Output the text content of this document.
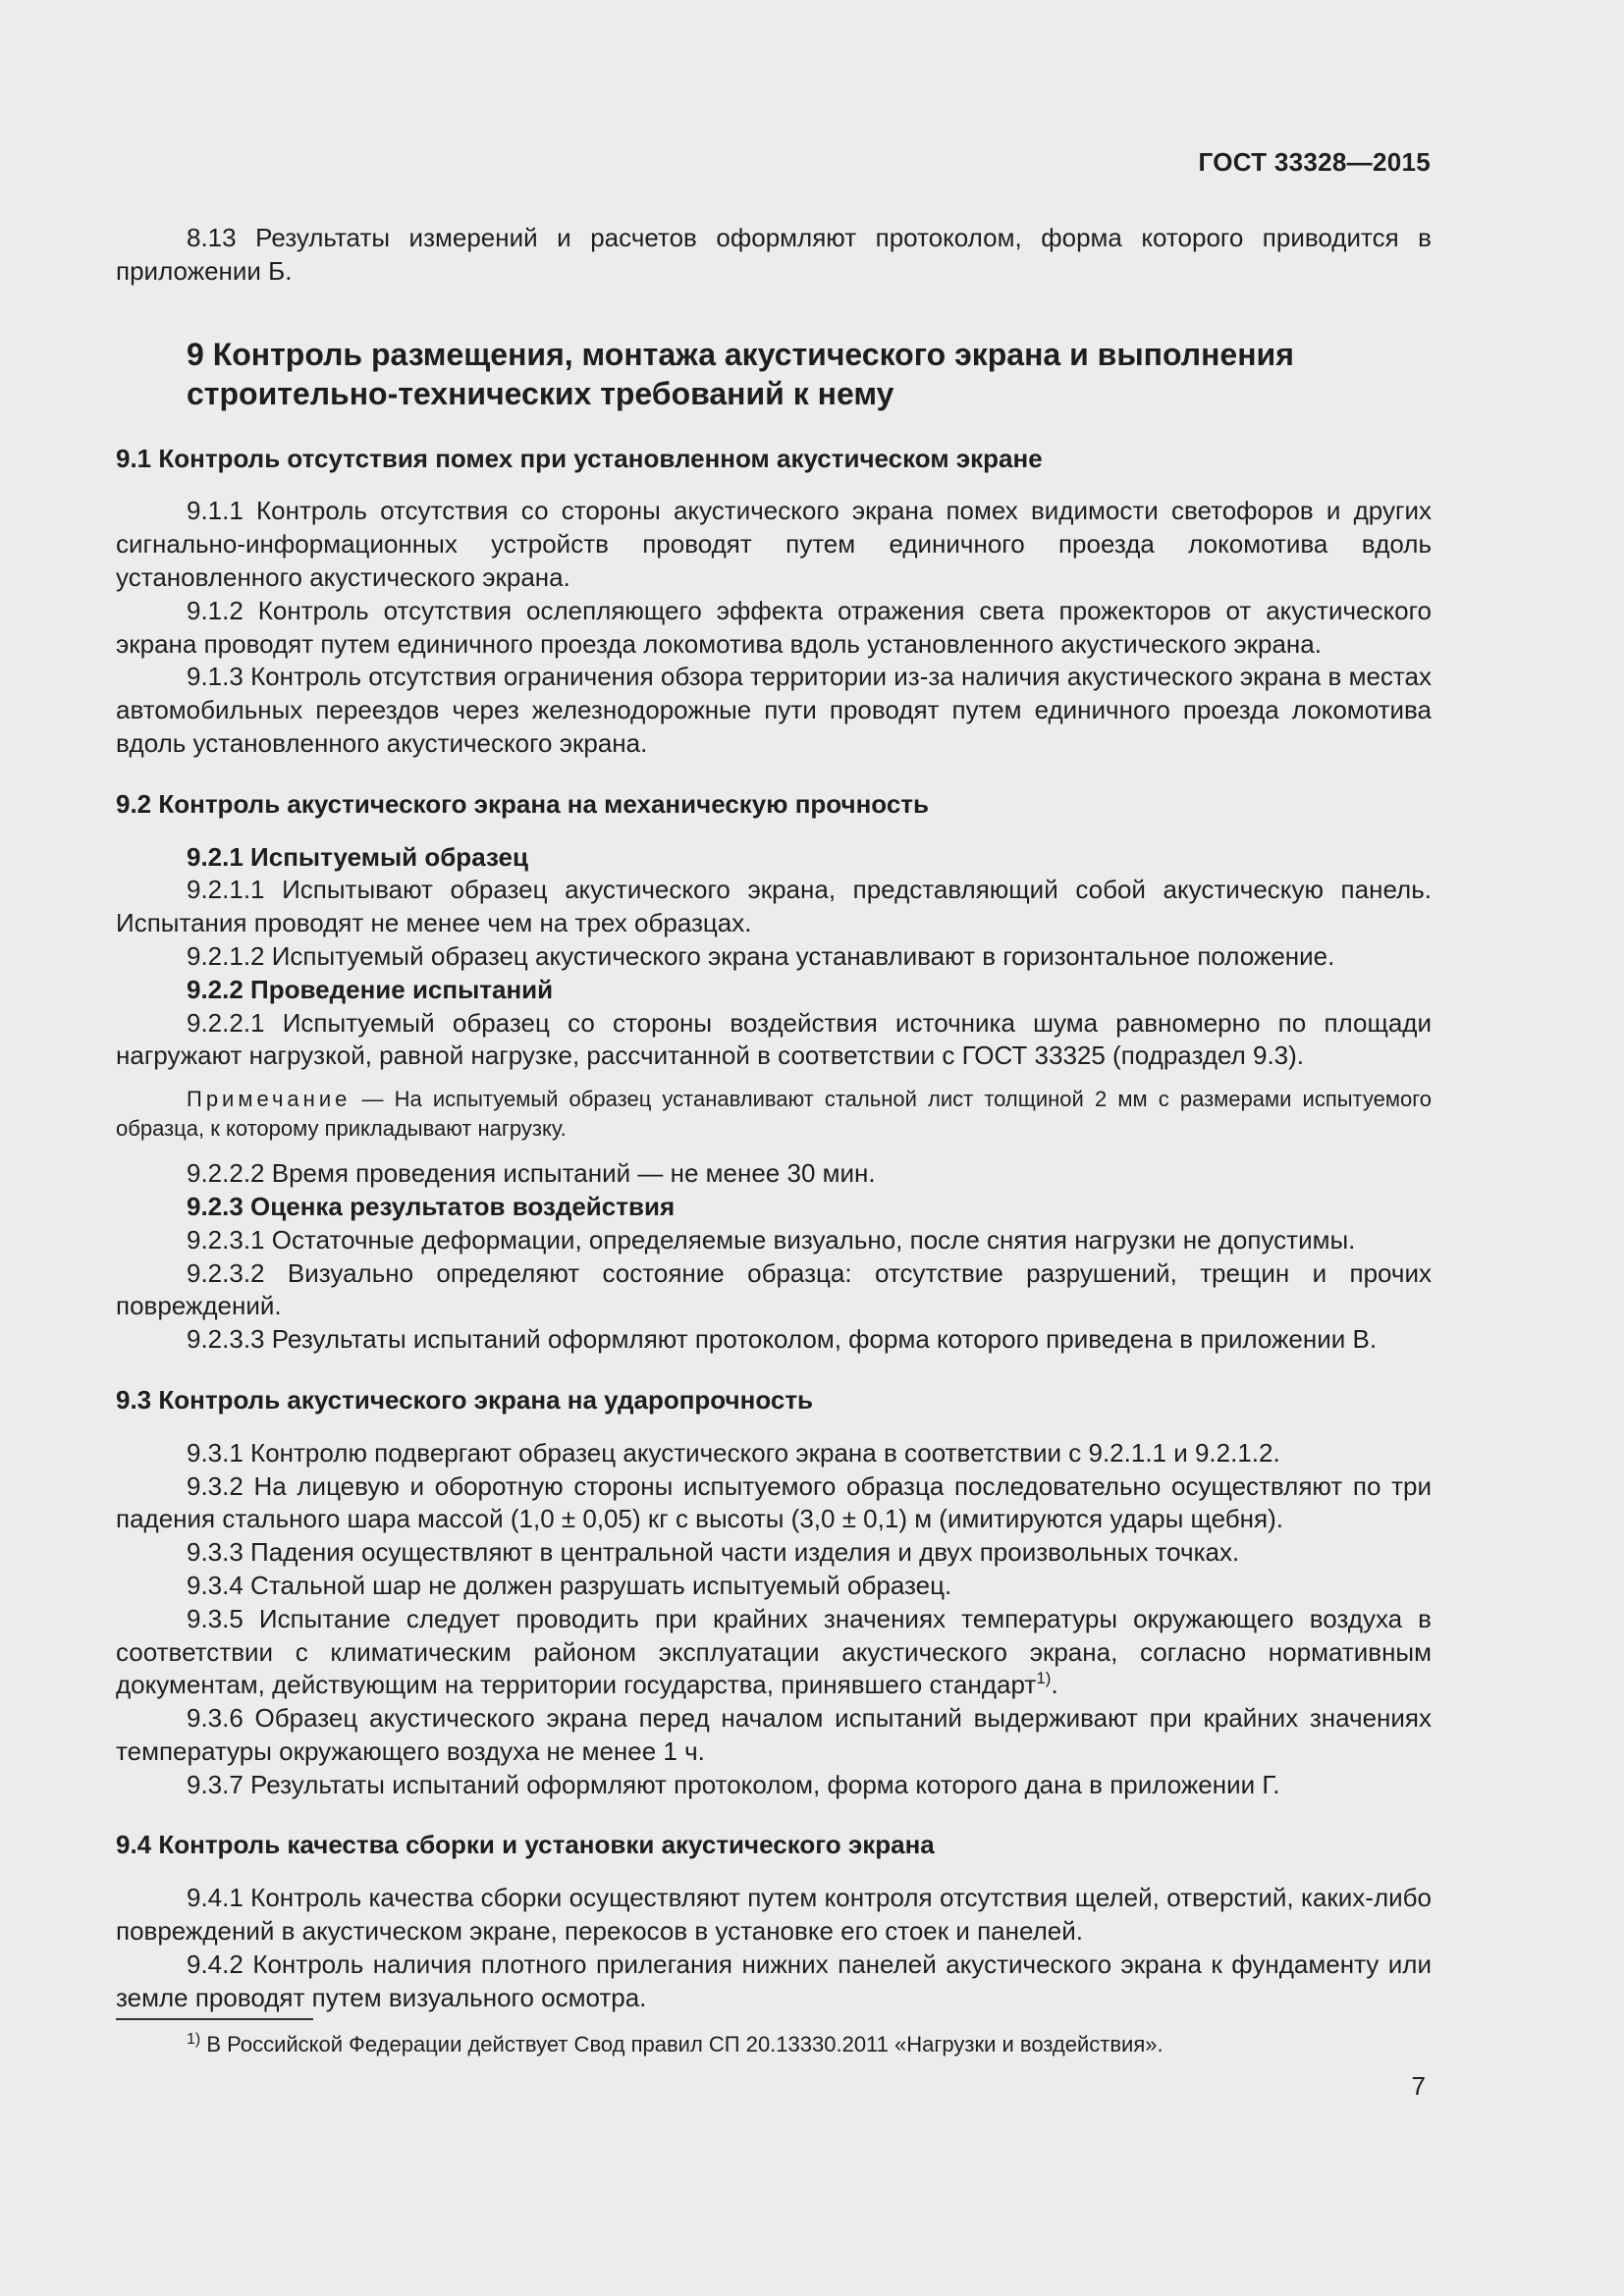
ГОСТ 33328—2015

8.13 Результаты измерений и расчетов оформляют протоколом, форма которого приводится в приложении Б.

9 Контроль размещения, монтажа акустического экрана и выполнения строительно-технических требований к нему
9.1 Контроль отсутствия помех при установленном акустическом экране

9.1.1 Контроль отсутствия со стороны акустического экрана помех видимости светофоров и других сигнально-информационных устройств проводят путем единичного проезда локомотива вдоль установленного акустического экрана.

9.1.2 Контроль отсутствия ослепляющего эффекта отражения света прожекторов от акустического экрана проводят путем единичного проезда локомотива вдоль установленного акустического экрана.

9.1.3 Контроль отсутствия ограничения обзора территории из-за наличия акустического экрана в местах автомобильных переездов через железнодорожные пути проводят путем единичного проезда локомотива вдоль установленного акустического экрана.

9.2 Контроль акустического экрана на механическую прочность

9.2.1 Испытуемый образец

9.2.1.1 Испытывают образец акустического экрана, представляющий собой акустическую панель. Испытания проводят не менее чем на трех образцах.

9.2.1.2 Испытуемый образец акустического экрана устанавливают в горизонтальное положение.

9.2.2 Проведение испытаний

9.2.2.1 Испытуемый образец со стороны воздействия источника шума равномерно по площади нагружают нагрузкой, равной нагрузке, рассчитанной в соответствии с ГОСТ 33325 (подраздел 9.3).

Примечание — На испытуемый образец устанавливают стальной лист толщиной 2 мм с размерами испытуемого образца, к которому прикладывают нагрузку.

9.2.2.2 Время проведения испытаний — не менее 30 мин.

9.2.3 Оценка результатов воздействия

9.2.3.1 Остаточные деформации, определяемые визуально, после снятия нагрузки не допустимы.

9.2.3.2 Визуально определяют состояние образца: отсутствие разрушений, трещин и прочих повреждений.

9.2.3.3 Результаты испытаний оформляют протоколом, форма которого приведена в приложении В.

9.3 Контроль акустического экрана на ударопрочность

9.3.1 Контролю подвергают образец акустического экрана в соответствии с 9.2.1.1 и 9.2.1.2.

9.3.2 На лицевую и оборотную стороны испытуемого образца последовательно осуществляют по три падения стального шара массой (1,0 ± 0,05) кг с высоты (3,0 ± 0,1) м (имитируются удары щебня).

9.3.3 Падения осуществляют в центральной части изделия и двух произвольных точках.

9.3.4 Стальной шар не должен разрушать испытуемый образец.

9.3.5 Испытание следует проводить при крайних значениях температуры окружающего воздуха в соответствии с климатическим районом эксплуатации акустического экрана, согласно нормативным документам, действующим на территории государства, принявшего стандарт$^{1)}$.

9.3.6 Образец акустического экрана перед началом испытаний выдерживают при крайних значениях температуры окружающего воздуха не менее 1 ч.

9.3.7 Результаты испытаний оформляют протоколом, форма которого дана в приложении Г.

9.4 Контроль качества сборки и установки акустического экрана

9.4.1 Контроль качества сборки осуществляют путем контроля отсутствия щелей, отверстий, каких-либо повреждений в акустическом экране, перекосов в установке его стоек и панелей.

9.4.2 Контроль наличия плотного прилегания нижних панелей акустического экрана к фундаменту или земле проводят путем визуального осмотра.

$^{1)}$ В Российской Федерации действует Свод правил СП 20.13330.2011 «Нагрузки и воздействия».
7
